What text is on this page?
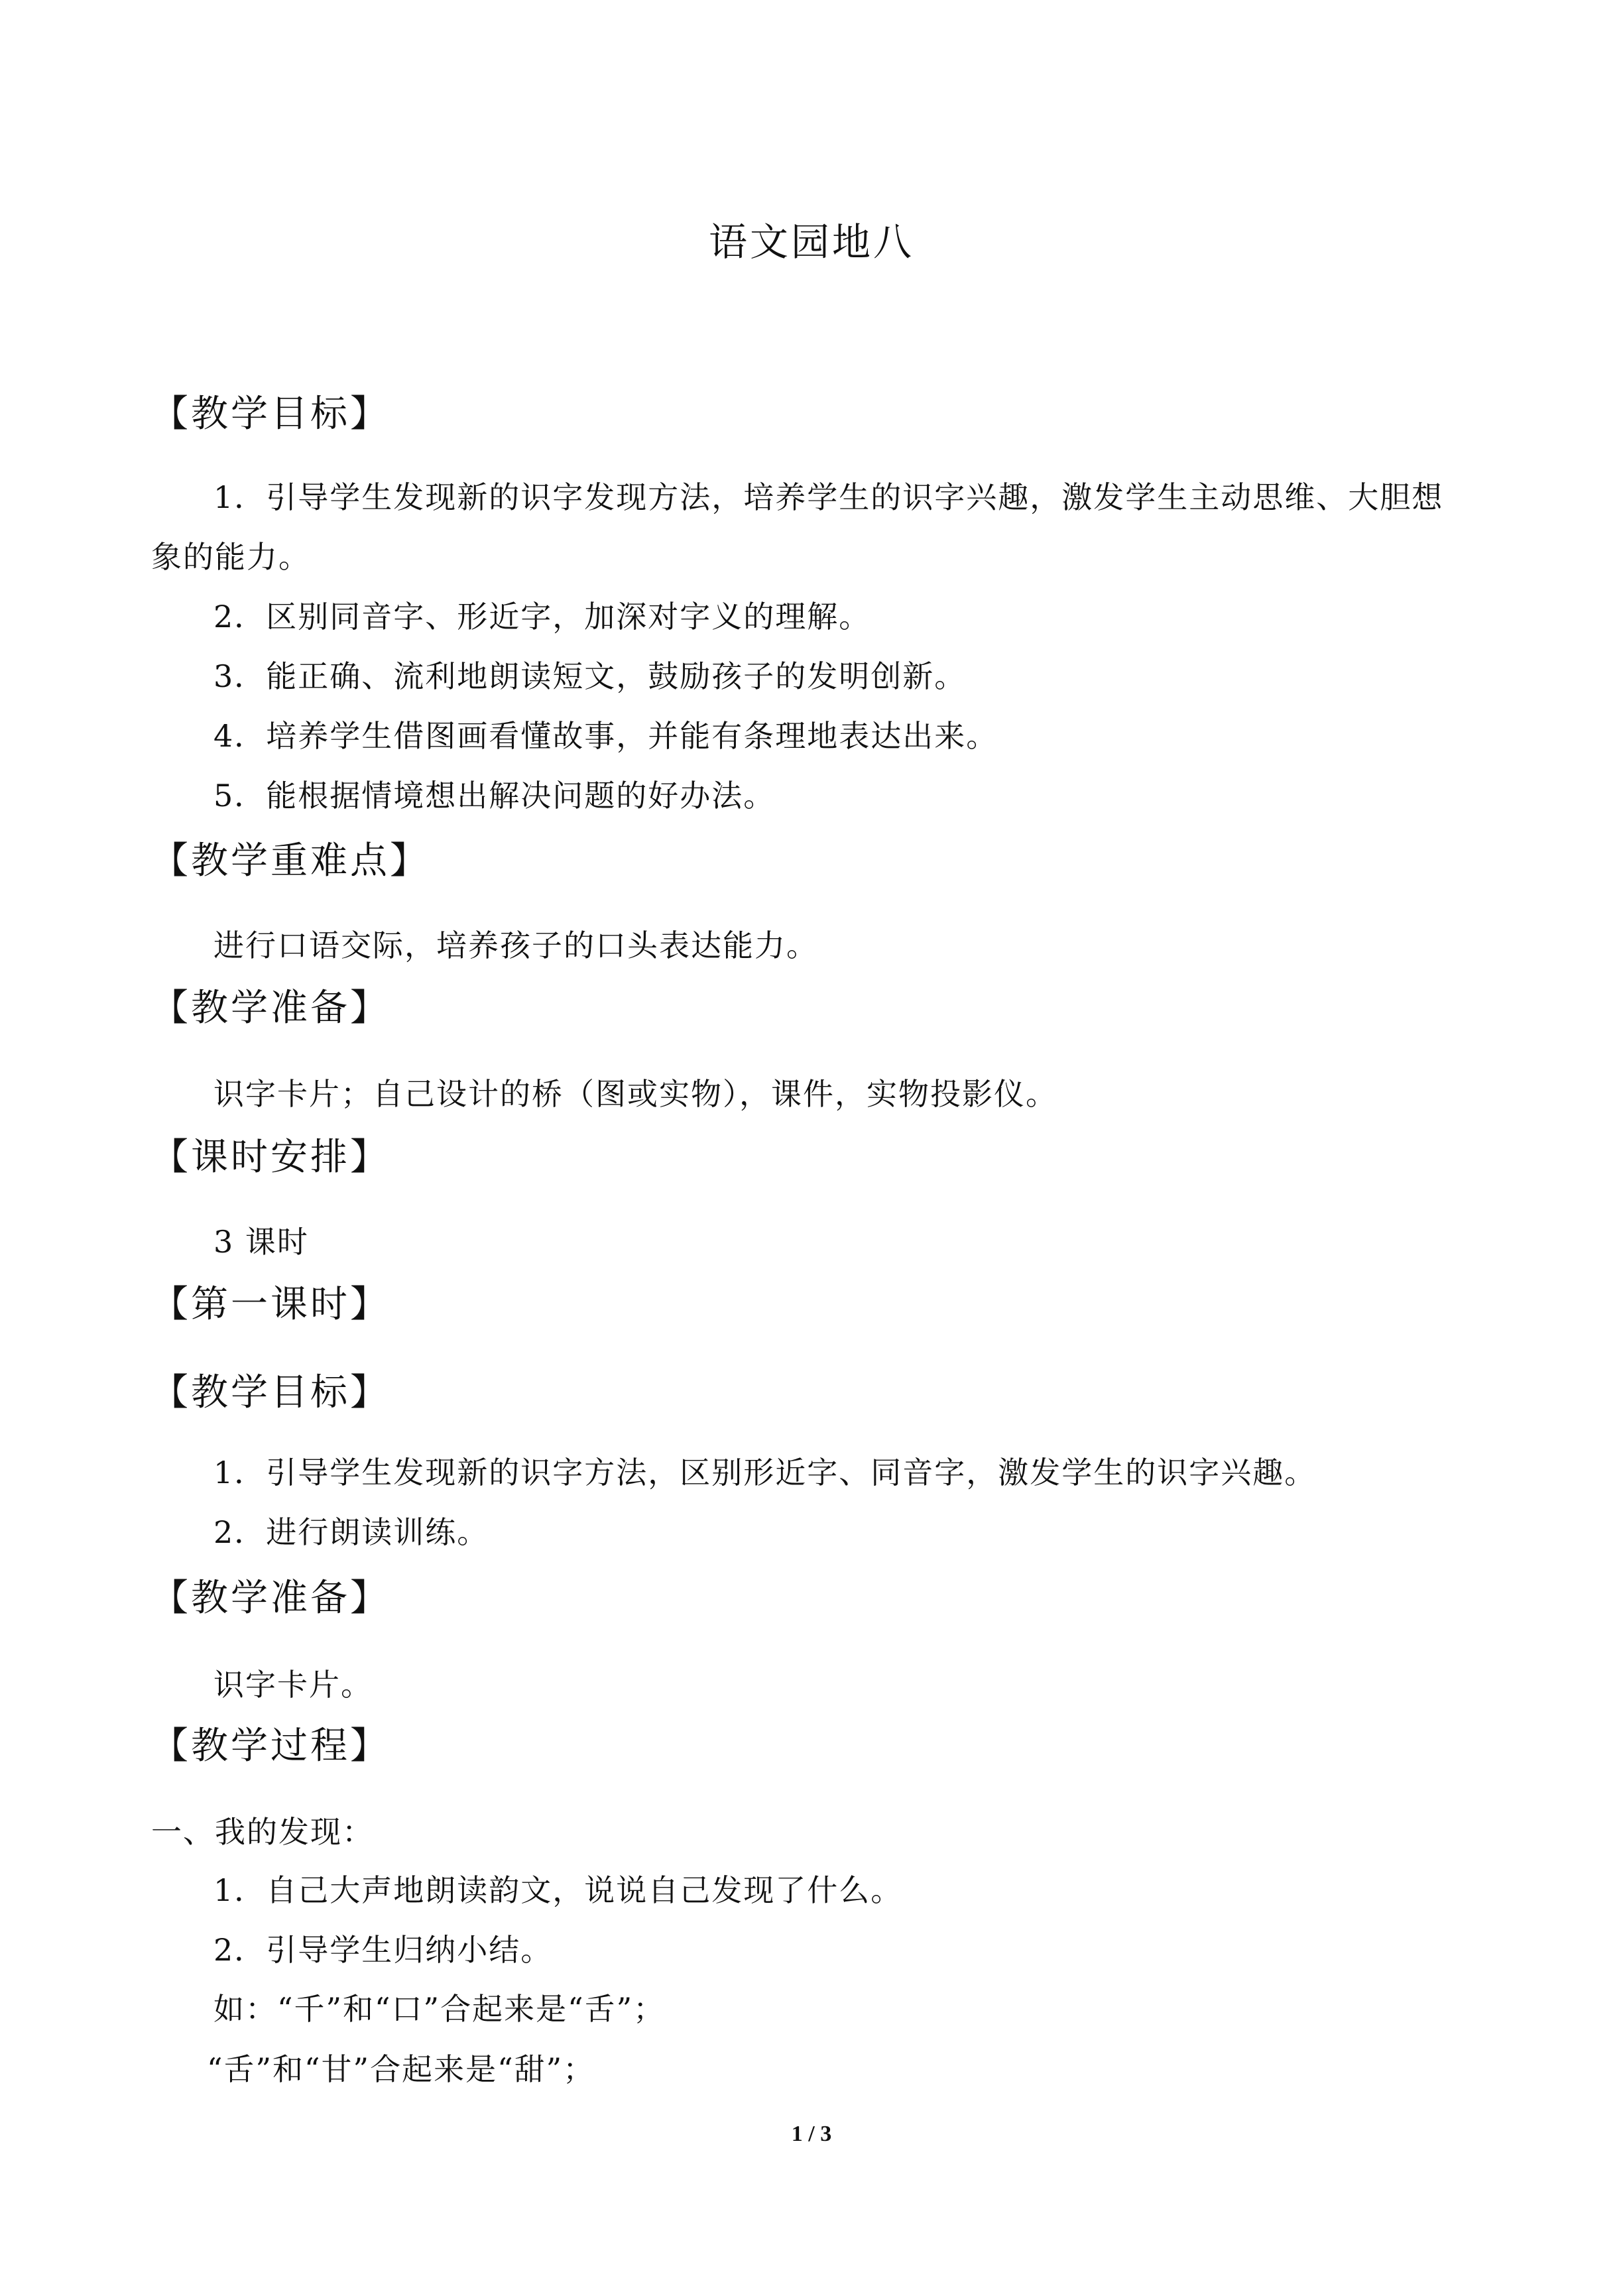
语文园地八
【教学目标】

1．引导学生发现新的识字发现方法，培养学生的识字兴趣，激发学生主动思维、大胆想

象的能力。

2．区别同音字、形近字，加深对字义的理解。

3．能正确、流利地朗读短文，鼓励孩子的发明创新。

4．培养学生借图画看懂故事，并能有条理地表达出来。

5．能根据情境想出解决问题的好办法。

【教学重难点】

进行口语交际，培养孩子的口头表达能力。

【教学准备】

识字卡片；自己设计的桥（图或实物），课件，实物投影仪。

【课时安排】

3 课时

【第一课时】
【教学目标】

1．引导学生发现新的识字方法，区别形近字、同音字，激发学生的识字兴趣。

2．进行朗读训练。

【教学准备】

识字卡片。

【教学过程】

一、我的发现：

1．自己大声地朗读韵文，说说自己发现了什么。

2．引导学生归纳小结。

如：“千”和“口”合起来是“舌”；

“舌”和“甘”合起来是“甜”；

1 / 3
